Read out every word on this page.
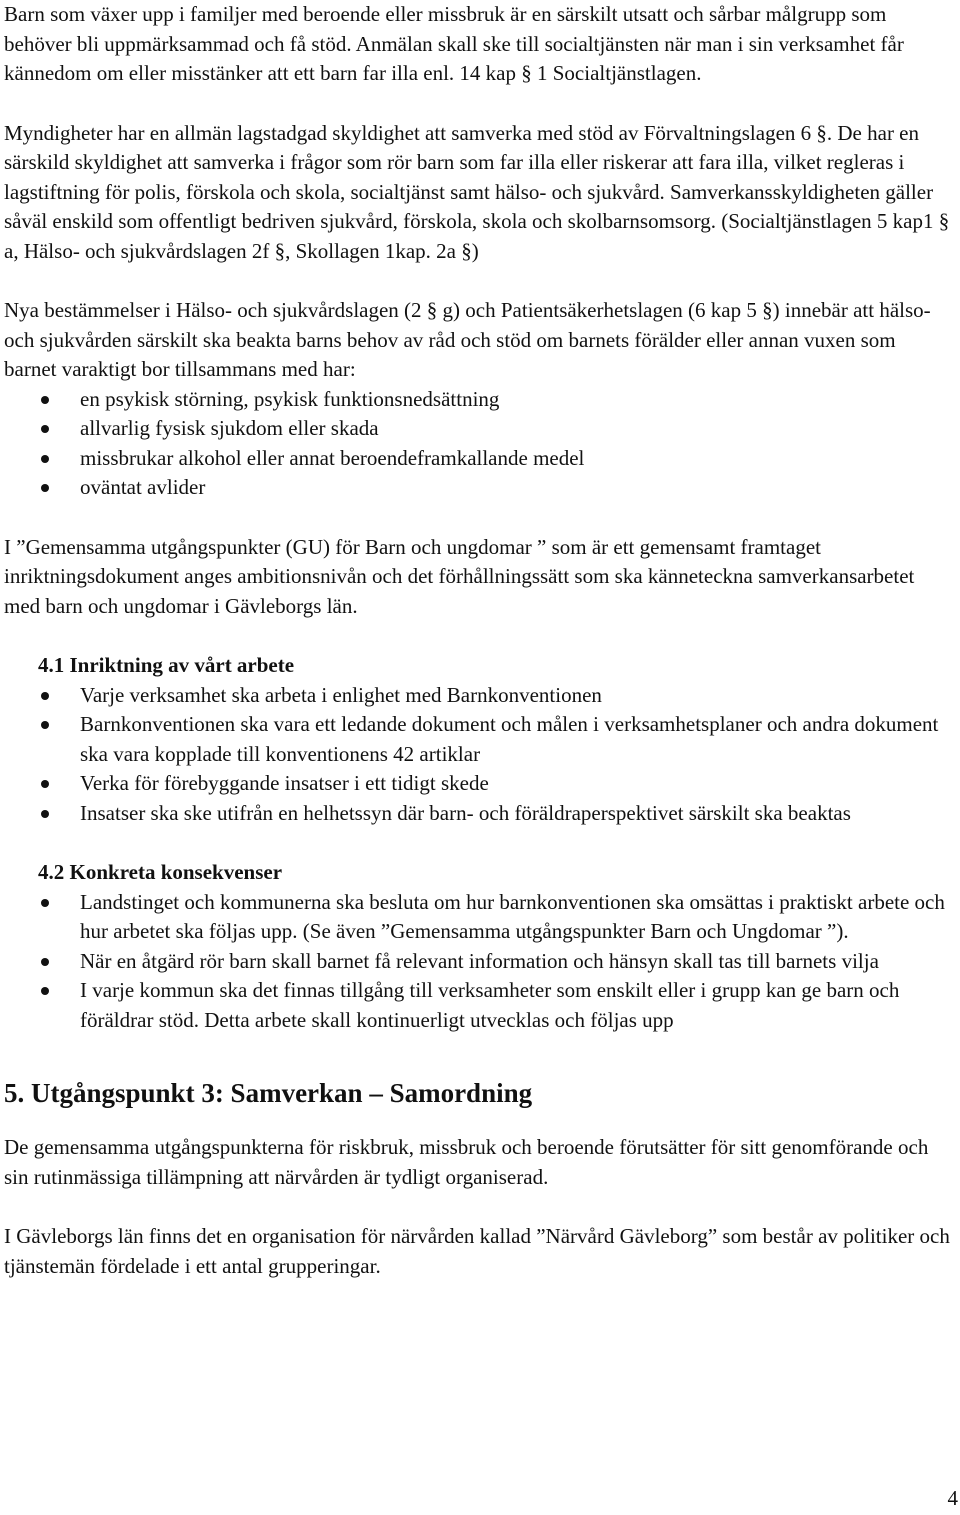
Barn som växer upp i familjer med beroende eller missbruk är en särskilt utsatt och sårbar målgrupp som behöver bli uppmärksammad och få stöd. Anmälan skall ske till socialtjänsten när man i sin verksamhet får kännedom om eller misstänker att ett barn far illa enl. 14 kap § 1 Socialtjänstlagen.

Myndigheter har en allmän lagstadgad skyldighet att samverka med stöd av Förvaltningslagen 6 §. De har en särskild skyldighet att samverka i frågor som rör barn som far illa eller riskerar att fara illa, vilket regleras i lagstiftning för polis, förskola och skola, socialtjänst samt hälso- och sjukvård. Samverkansskyldigheten gäller såväl enskild som offentligt bedriven sjukvård, förskola, skola och skolbarnsomsorg. (Socialtjänstlagen 5 kap1 § a, Hälso- och sjukvårdslagen 2f §, Skollagen 1kap. 2a §)

Nya bestämmelser i Hälso- och sjukvårdslagen (2 § g) och Patientsäkerhetslagen (6 kap 5 §) innebär att hälso- och sjukvården särskilt ska beakta barns behov av råd och stöd om barnets förälder eller annan vuxen som barnet varaktigt bor tillsammans med har:

en psykisk störning, psykisk funktionsnedsättning
allvarlig fysisk sjukdom eller skada
missbrukar alkohol eller annat beroendeframkallande medel
oväntat avlider

I ”Gemensamma utgångspunkter (GU) för Barn och ungdomar ” som är ett gemensamt framtaget inriktningsdokument anges ambitionsnivån och det förhållningssätt som ska känneteckna samverkansarbetet med barn och ungdomar i Gävleborgs län.

4.1 Inriktning av vårt arbete

Varje verksamhet ska arbeta i enlighet med Barnkonventionen
Barnkonventionen ska vara ett ledande dokument och målen i verksamhetsplaner och andra dokument ska vara kopplade till konventionens 42 artiklar
Verka för förebyggande insatser i ett tidigt skede
Insatser ska ske utifrån en helhetssyn där barn- och föräldraperspektivet särskilt ska beaktas

4.2 Konkreta konsekvenser

Landstinget och kommunerna ska besluta om hur barnkonventionen ska omsättas i praktiskt arbete och hur arbetet ska följas upp. (Se även ”Gemensamma utgångspunkter Barn och Ungdomar ”).
När en åtgärd rör barn skall barnet få relevant information och hänsyn skall tas till barnets vilja
I varje kommun ska det finnas tillgång till verksamheter som enskilt eller i grupp kan ge barn och föräldrar stöd. Detta arbete skall kontinuerligt utvecklas och följas upp

5. Utgångspunkt 3: Samverkan – Samordning

De gemensamma utgångspunkterna för riskbruk, missbruk och beroende förutsätter för sitt genomförande och sin rutinmässiga tillämpning att närvården är tydligt organiserad.

I Gävleborgs län finns det en organisation för närvården kallad ”Närvård Gävleborg” som består av politiker och tjänstemän fördelade i ett antal grupperingar.

4
